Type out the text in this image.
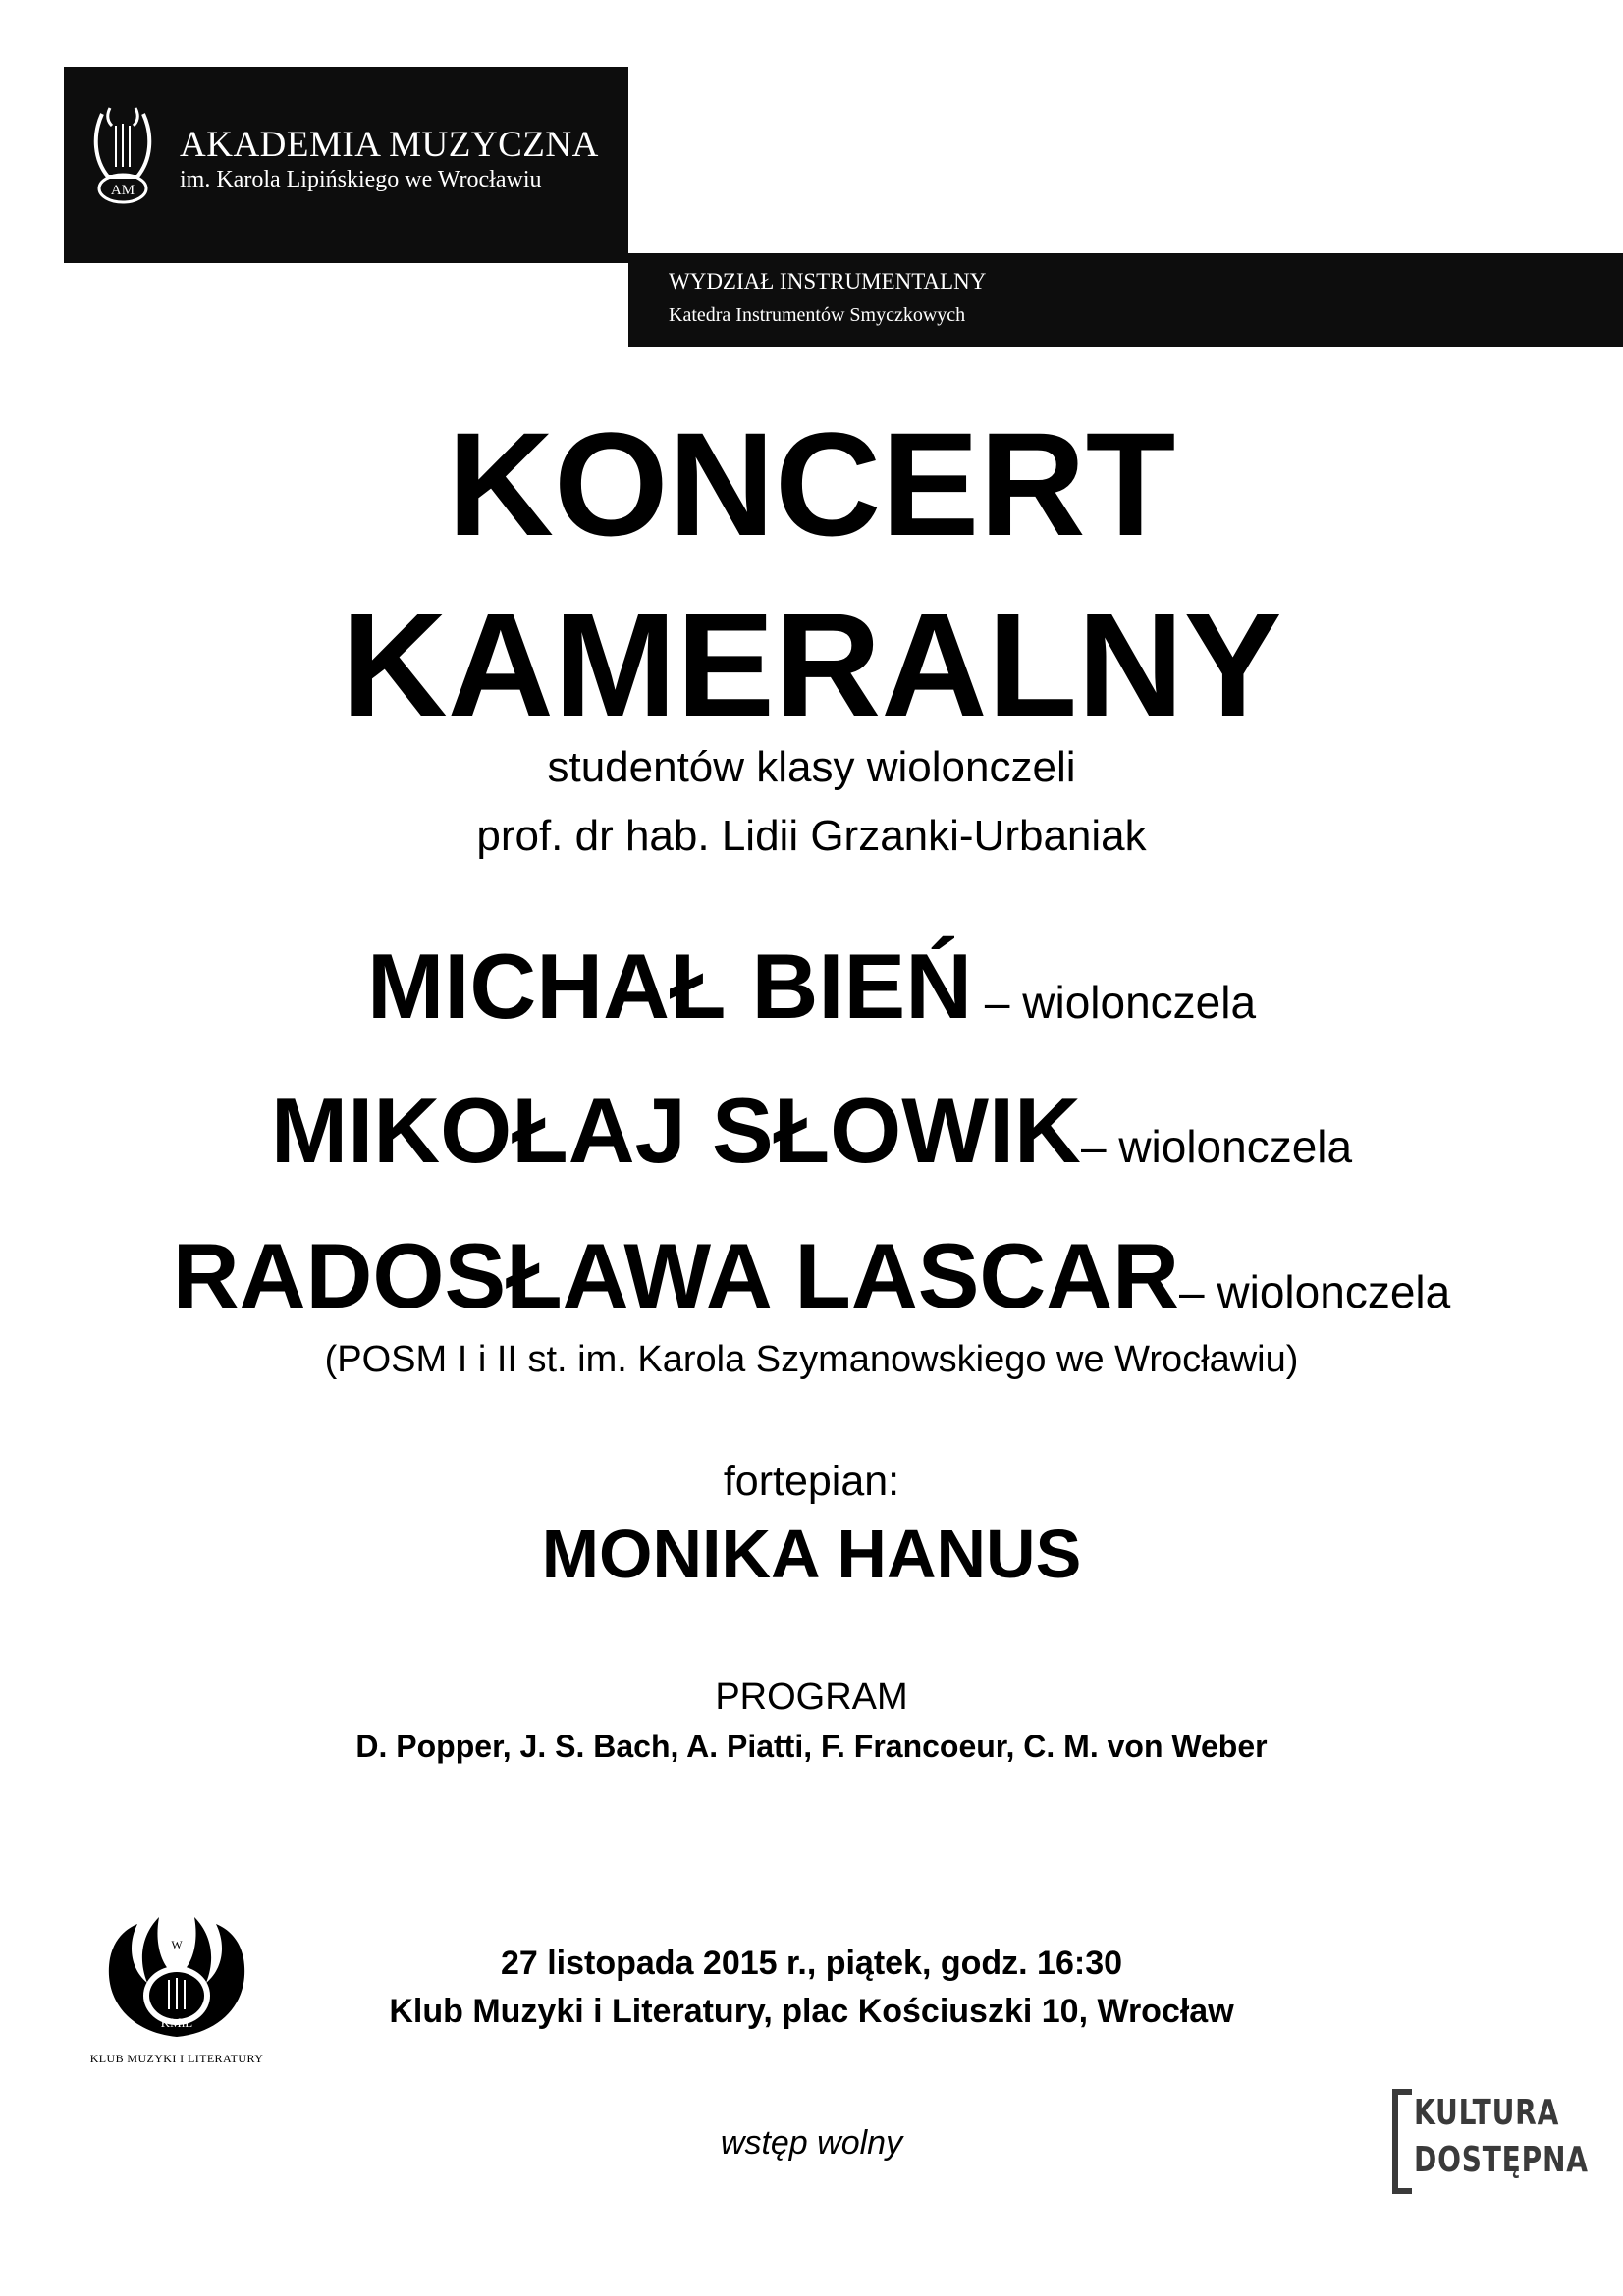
AM
AKADEMIA MUZYCZNA
im. Karola Lipińskiego we Wrocławiu
WYDZIAŁ INSTRUMENTALNY
Katedra Instrumentów Smyczkowych
KONCERT
KAMERALNY
studentów klasy wiolonczeli
prof. dr hab. Lidii Grzanki-Urbaniak
MICHAŁ BIEŃ – wiolonczela
MIKOŁAJ SŁOWIK– wiolonczela
RADOSŁAWA LASCAR– wiolonczela
(POSM I i II st. im. Karola Szymanowskiego we Wrocławiu)
fortepian:
MONIKA HANUS
PROGRAM
D. Popper, J. S. Bach, A. Piatti, F. Francoeur, C. M. von Weber
27 listopada 2015 r., piątek, godz. 16:30
Klub Muzyki i Literatury, plac Kościuszki 10, Wrocław
wstęp wolny
KMiL
W
KLUB MUZYKI I LITERATURY
KULTURA
DOSTĘPNA
